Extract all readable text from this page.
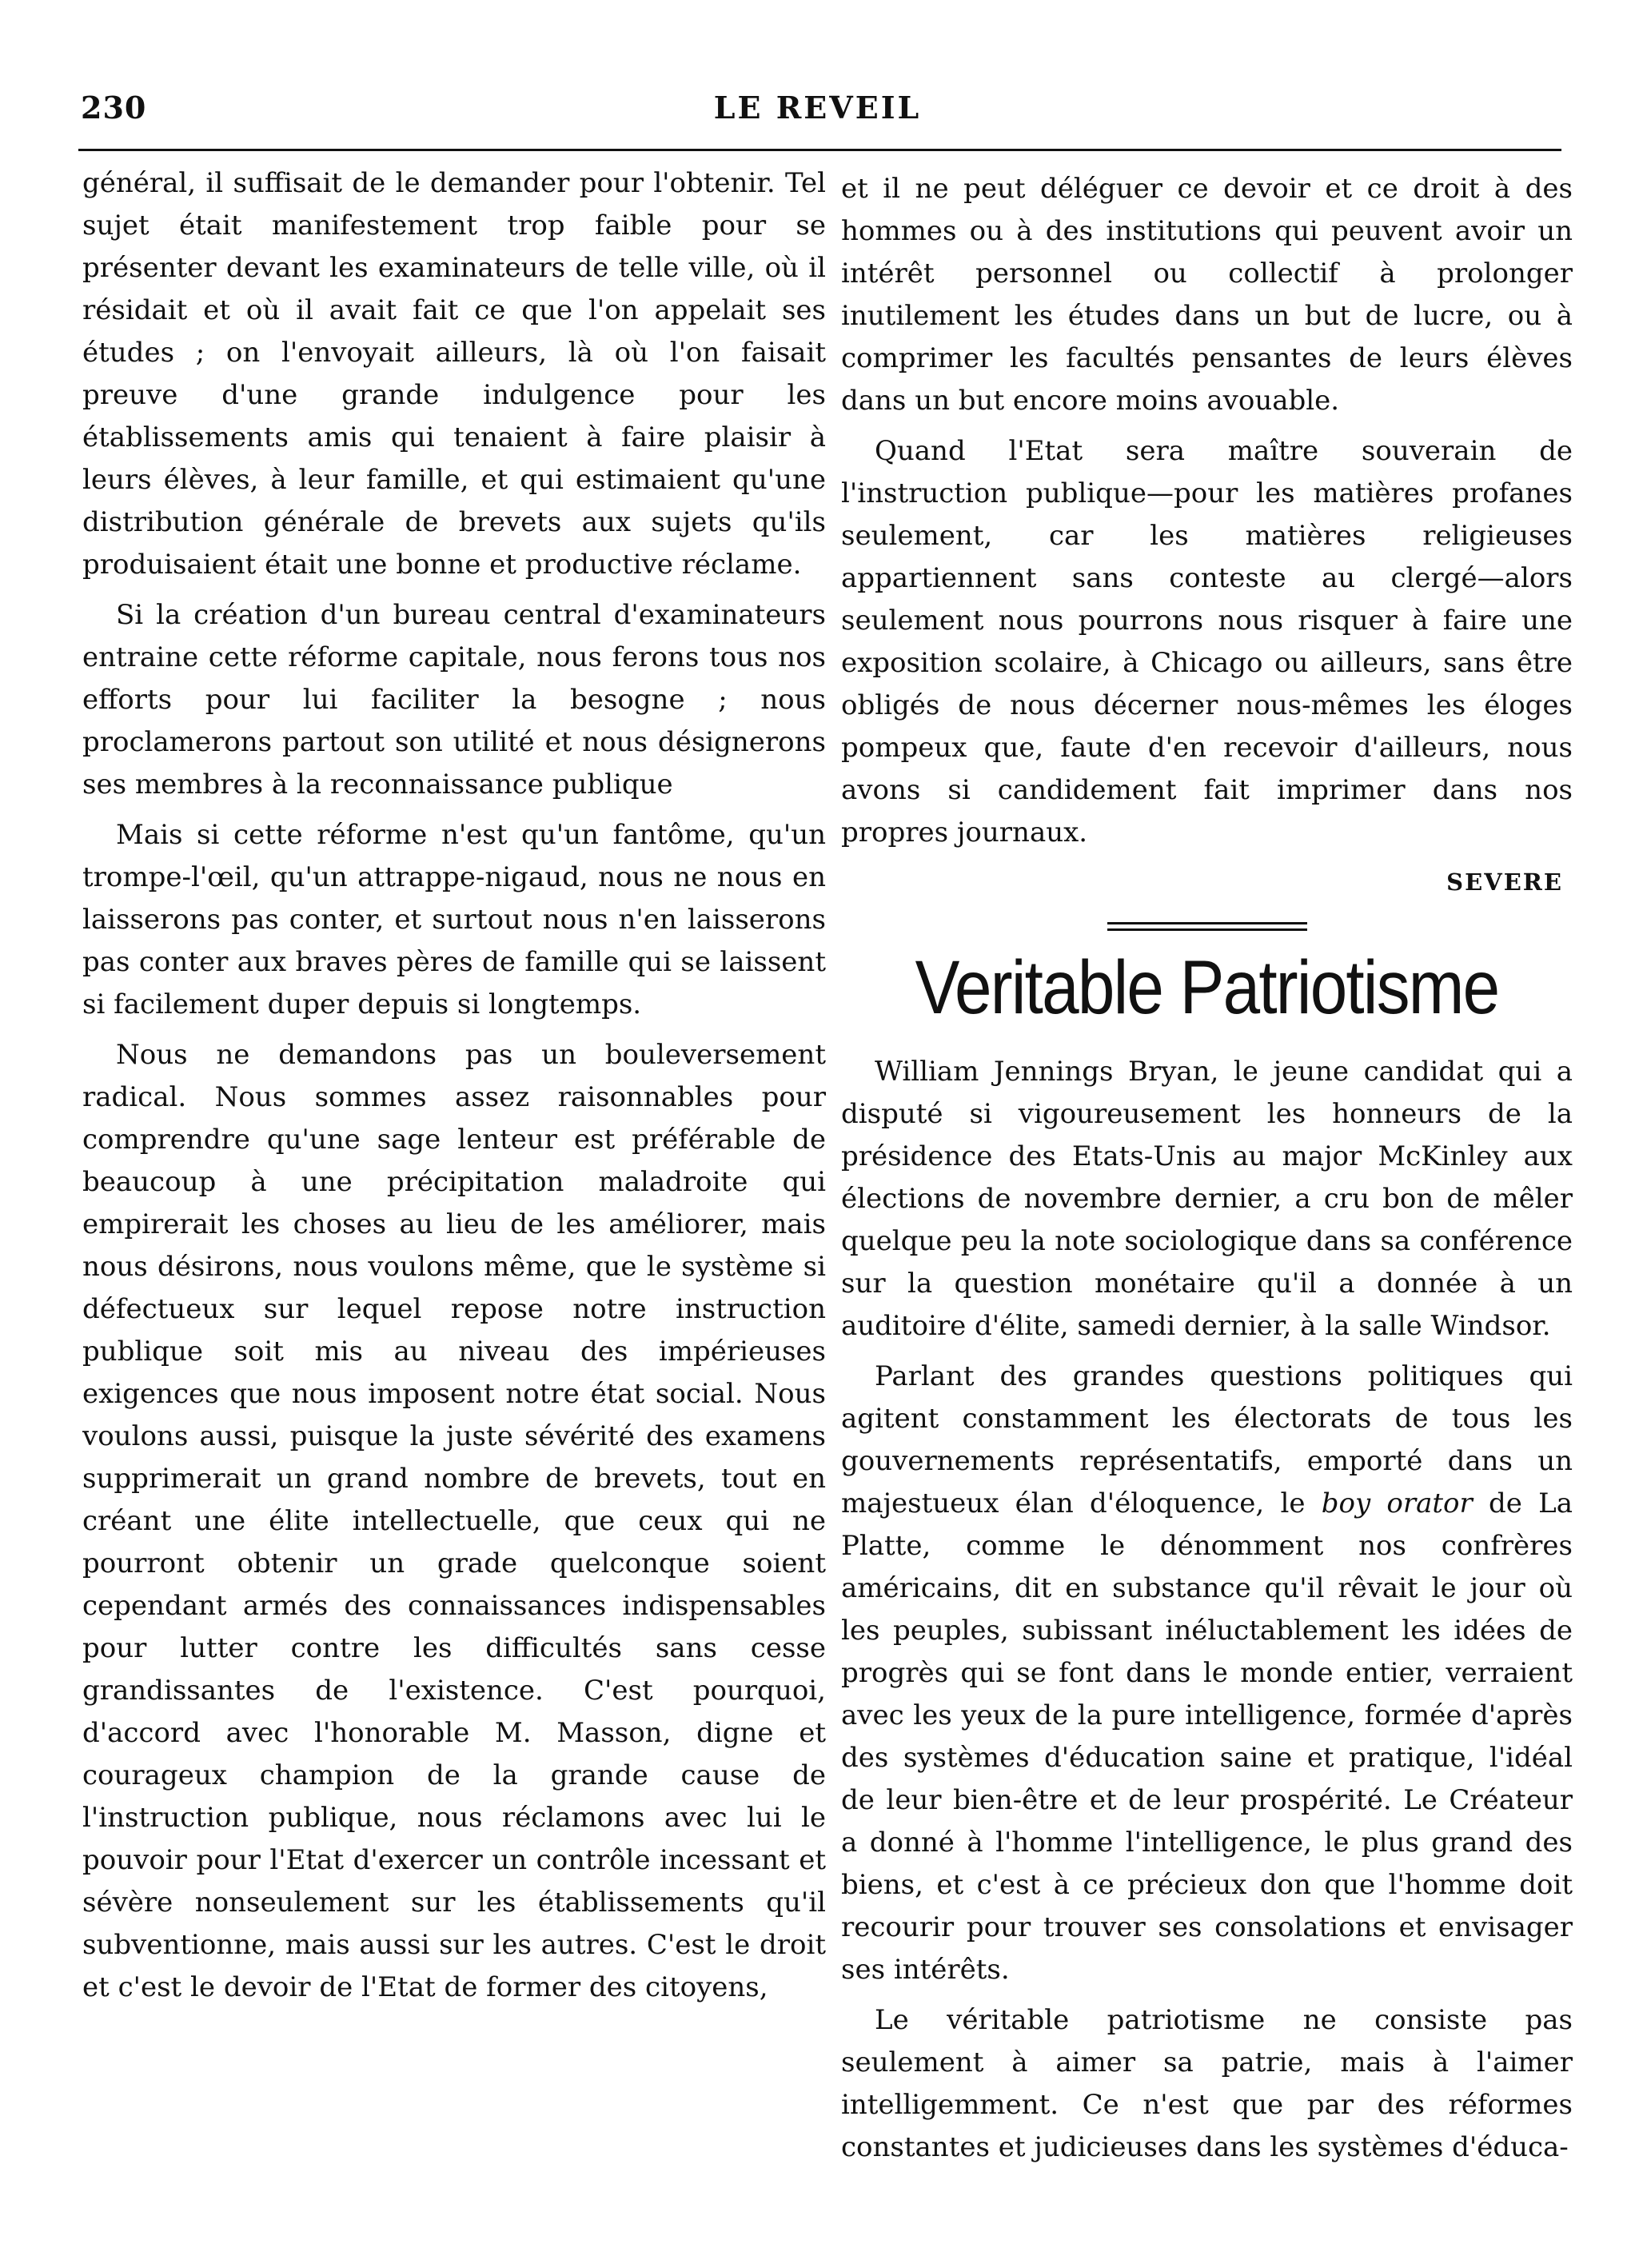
230	LE REVEIL

général, il suffisait de le demander pour l'obtenir. Tel sujet était manifestement trop faible pour se présenter devant les examinateurs de telle ville, où il résidait et où il avait fait ce que l'on appelait ses études ; on l'envoyait ailleurs, là où l'on faisait preuve d'une grande indulgence pour les établissements amis qui tenaient à faire plaisir à leurs élèves, à leur famille, et qui estimaient qu'une distribution générale de brevets aux sujets qu'ils produisaient était une bonne et productive réclame.

Si la création d'un bureau central d'examinateurs entraine cette réforme capitale, nous ferons tous nos efforts pour lui faciliter la besogne ; nous proclamerons partout son utilité et nous désignerons ses membres à la reconnaissance publique

Mais si cette réforme n'est qu'un fantôme, qu'un trompe-l'œil, qu'un attrappe-nigaud, nous ne nous en laisserons pas conter, et surtout nous n'en laisserons pas conter aux braves pères de famille qui se laissent si facilement duper depuis si longtemps.

Nous ne demandons pas un bouleversement radical. Nous sommes assez raisonnables pour comprendre qu'une sage lenteur est préférable de beaucoup à une précipitation maladroite qui empirerait les choses au lieu de les améliorer, mais nous désirons, nous voulons même, que le système si défectueux sur lequel repose notre instruction publique soit mis au niveau des impérieuses exigences que nous imposent notre état social. Nous voulons aussi, puisque la juste sévérité des examens supprimerait un grand nombre de brevets, tout en créant une élite intellectuelle, que ceux qui ne pourront obtenir un grade quelconque soient cependant armés des connaissances indispensables pour lutter contre les difficultés sans cesse grandissantes de l'existence. C'est pourquoi, d'accord avec l'honorable M. Masson, digne et courageux champion de la grande cause de l'instruction publique, nous réclamons avec lui le pouvoir pour l'Etat d'exercer un contrôle incessant et sévère nonseulement sur les établissements qu'il subventionne, mais aussi sur les autres. C'est le droit et c'est le devoir de l'Etat de former des citoyens,

et il ne peut déléguer ce devoir et ce droit à des hommes ou à des institutions qui peuvent avoir un intérêt personnel ou collectif à prolonger inutilement les études dans un but de lucre, ou à comprimer les facultés pensantes de leurs élèves dans un but encore moins avouable.

Quand l'Etat sera maître souverain de l'instruction publique—pour les matières profanes seulement, car les matières religieuses appartiennent sans conteste au clergé—alors seulement nous pourrons nous risquer à faire une exposition scolaire, à Chicago ou ailleurs, sans être obligés de nous décerner nous-mêmes les éloges pompeux que, faute d'en recevoir d'ailleurs, nous avons si candidement fait imprimer dans nos propres journaux.

SEVERE
Veritable Patriotisme

William Jennings Bryan, le jeune candidat qui a disputé si vigoureusement les honneurs de la présidence des Etats-Unis au major McKinley aux élections de novembre dernier, a cru bon de mêler quelque peu la note sociologique dans sa conférence sur la question monétaire qu'il a donnée à un auditoire d'élite, samedi dernier, à la salle Windsor.

Parlant des grandes questions politiques qui agitent constamment les électorats de tous les gouvernements représentatifs, emporté dans un majestueux élan d'éloquence, le boy orator de La Platte, comme le dénomment nos confrères américains, dit en substance qu'il rêvait le jour où les peuples, subissant inéluctablement les idées de progrès qui se font dans le monde entier, verraient avec les yeux de la pure intelligence, formée d'après des systèmes d'éducation saine et pratique, l'idéal de leur bien-être et de leur prospérité. Le Créateur a donné à l'homme l'intelligence, le plus grand des biens, et c'est à ce précieux don que l'homme doit recourir pour trouver ses consolations et envisager ses intérêts.

Le véritable patriotisme ne consiste pas seulement à aimer sa patrie, mais à l'aimer intelligemment. Ce n'est que par des réformes constantes et judicieuses dans les systèmes d'éduca-
